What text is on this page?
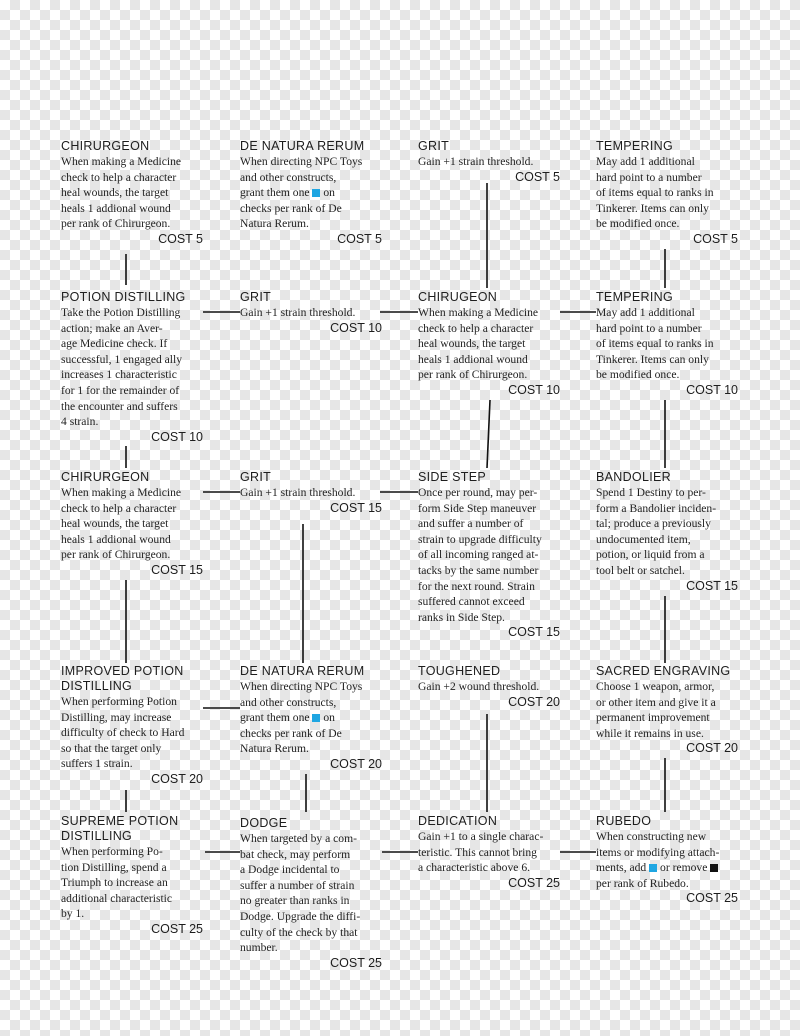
CHIRURGEON
When making a Medicine
check to help a character
heal wounds, the target
heals 1 addional wound
per rank of Chirurgeon.
COST 5
DE NATURA RERUM
When directing NPC Toys
and other constructs,
grant them one  on
checks per rank of De
Natura Rerum.
COST 5
GRIT
Gain +1 strain threshold.
COST 5
TEMPERING
May add 1 additional
hard point to a number
of items equal to ranks in
Tinkerer. Items can only
be modified once.
COST 5
POTION DISTILLING
Take the Potion Distilling
action; make an Aver-
age Medicine check. If
successful, 1 engaged ally
increases 1 characteristic
for 1 for the remainder of
the encounter and suffers
4 strain.
COST 10
GRIT
Gain +1 strain threshold.
COST 10
CHIRUGEON
When making a Medicine
check to help a character
heal wounds, the target
heals 1 addional wound
per rank of Chirurgeon.
COST 10
TEMPERING
May add 1 additional
hard point to a number
of items equal to ranks in
Tinkerer. Items can only
be modified once.
COST 10
CHIRURGEON
When making a Medicine
check to help a character
heal wounds, the target
heals 1 addional wound
per rank of Chirurgeon.
COST 15
GRIT
Gain +1 strain threshold.
COST 15
SIDE STEP
Once per round, may per-
form Side Step maneuver
and suffer a number of
strain to upgrade difficulty
of all incoming ranged at-
tacks by the same number
for the next round. Strain
suffered cannot exceed
ranks in Side Step.
COST 15
BANDOLIER
Spend 1 Destiny to per-
form a Bandolier inciden-
tal; produce a previously
undocumented item,
potion, or liquid from a
tool belt or satchel.
COST 15
IMPROVED POTION
DISTILLING
When performing Potion
Distilling, may increase
difficulty of check to Hard
so that the target only
suffers 1 strain.
COST 20
DE NATURA RERUM
When directing NPC Toys
and other constructs,
grant them one  on
checks per rank of De
Natura Rerum.
COST 20
TOUGHENED
Gain +2 wound threshold.
COST 20
SACRED ENGRAVING
Choose 1 weapon, armor,
or other item and give it a
permanent improvement
while it remains in use.
COST 20
SUPREME POTION
DISTILLING
When performing Po-
tion Distilling, spend a
Triumph to increase an
additional characteristic
by 1.
COST 25
DODGE
When targeted by a com-
bat check, may perform
a Dodge incidental to
suffer a number of strain
no greater than ranks in
Dodge. Upgrade the diffi-
culty of the check by that
number.
COST 25
DEDICATION
Gain +1 to a single charac-
teristic. This cannot bring
a characteristic above 6.
COST 25
RUBEDO
When constructing new
items or modifying attach-
ments, add  or remove
per rank of Rubedo.
COST 25
